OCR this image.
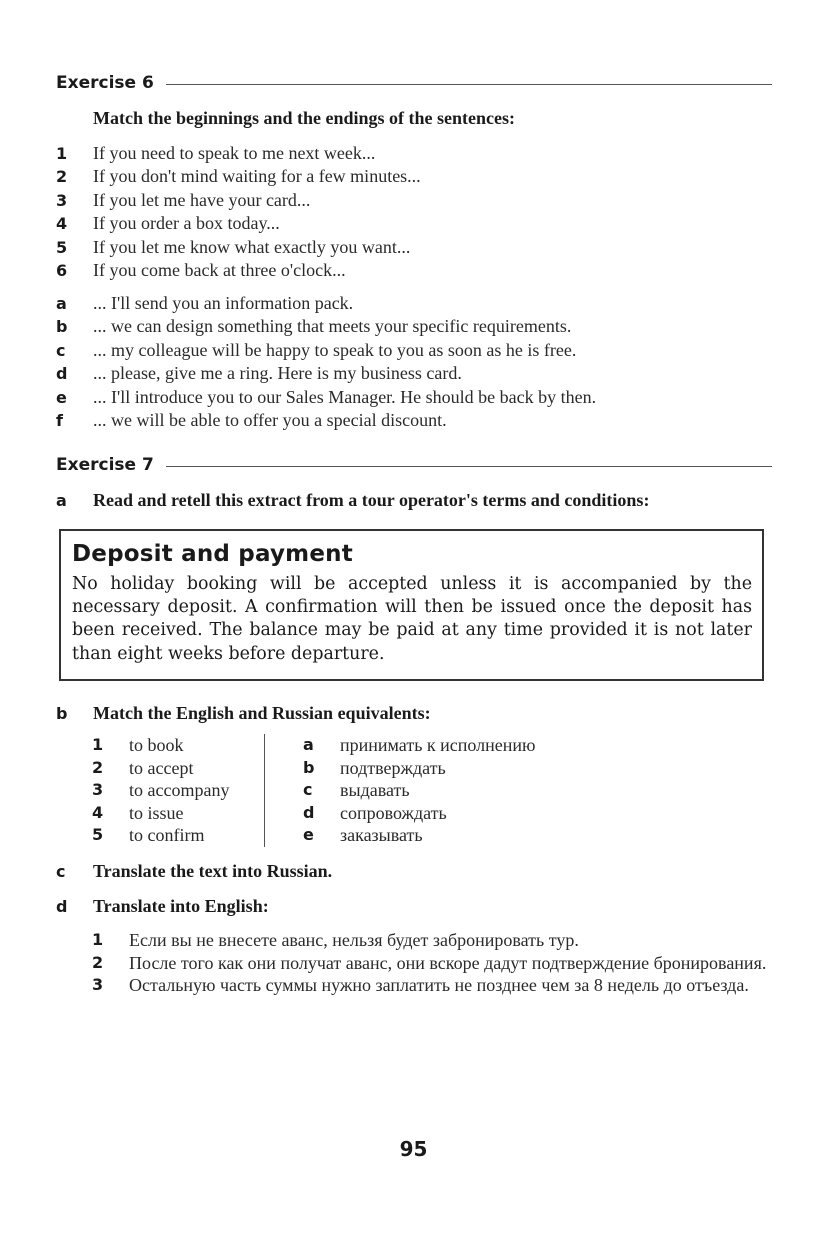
Exercise 6
Match the beginnings and the endings of the sentences:
1	If you need to speak to me next week...
2	If you don't mind waiting for a few minutes...
3	If you let me have your card...
4	If you order a box today...
5	If you let me know what exactly you want...
6	If you come back at three o'clock...
a	... I'll send you an information pack.
b	... we can design something that meets your specific requirements.
c	... my colleague will be happy to speak to you as soon as he is free.
d	... please, give me a ring. Here is my business card.
e	... I'll introduce you to our Sales Manager. He should be back by then.
f	... we will be able to offer you a special discount.
Exercise 7
a	Read and retell this extract from a tour operator's terms and conditions:
Deposit and payment

No holiday booking will be accepted unless it is accompanied by the necessary deposit. A confirmation will then be issued once the deposit has been received. The balance may be paid at any time provided it is not later than eight weeks before departure.

b	Match the English and Russian equivalents:
1	to book
2	to accept
3	to accompany
4	to issue
5	to confirm
a	принимать к исполнению
b	подтверждать
c	выдавать
d	сопровождать
e	заказывать
c	Translate the text into Russian.
d	Translate into English:
1	Если вы не внесете аванс, нельзя будет забронировать тур.
2	После того как они получат аванс, они вскоре дадут подтверждение бронирования.
3	Остальную часть суммы нужно заплатить не позднее чем за 8 недель до отъезда.
95
